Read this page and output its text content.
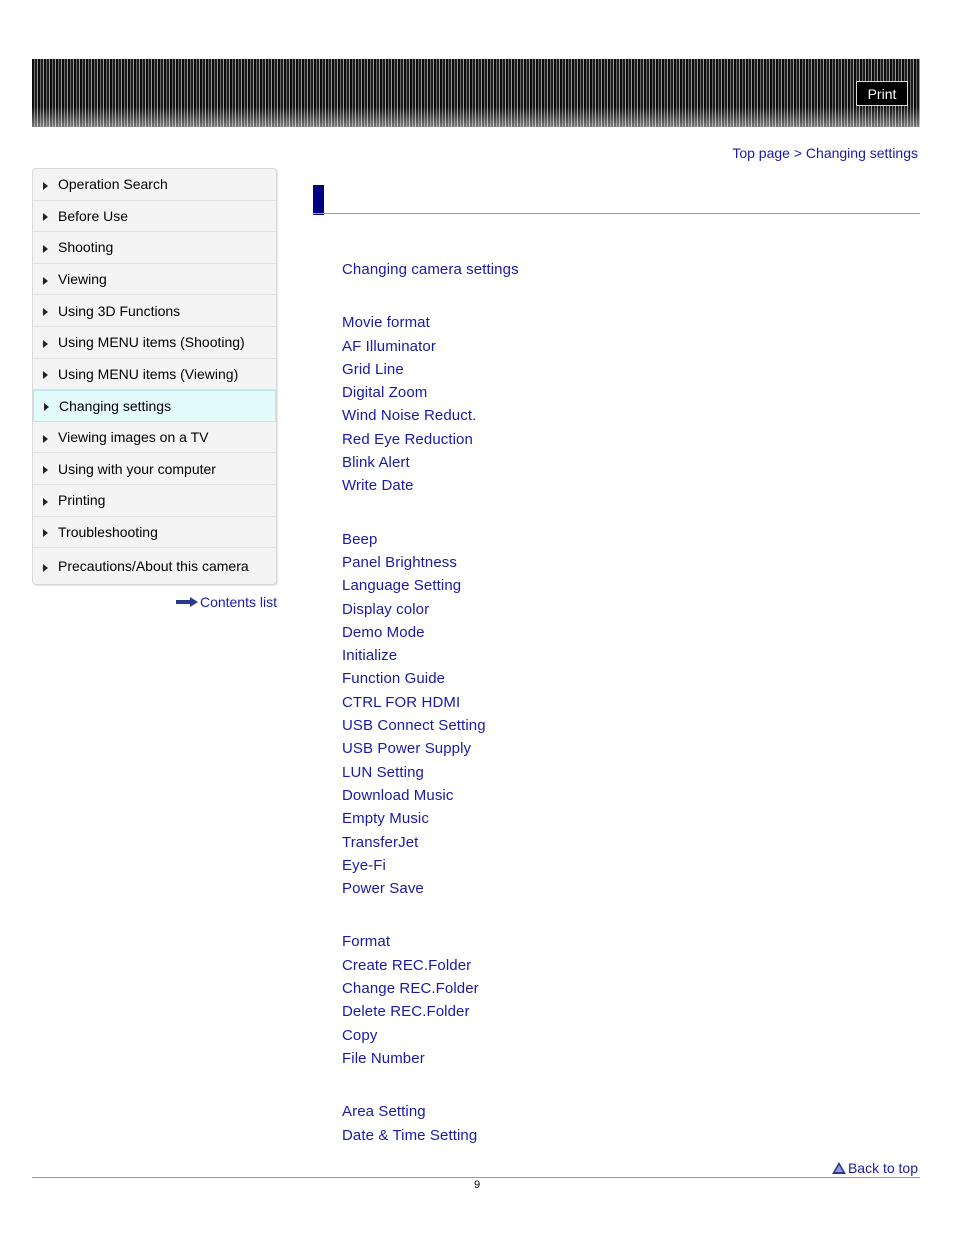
Print
Top page > Changing settings
Operation Search
Before Use
Shooting
Viewing
Using 3D Functions
Using MENU items (Shooting)
Using MENU items (Viewing)
Changing settings
Viewing images on a TV
Using with your computer
Printing
Troubleshooting
Precautions/About this camera
Contents list
Changing camera settings
Movie format
AF Illuminator
Grid Line
Digital Zoom
Wind Noise Reduct.
Red Eye Reduction
Blink Alert
Write Date
Beep
Panel Brightness
Language Setting
Display color
Demo Mode
Initialize
Function Guide
CTRL FOR HDMI
USB Connect Setting
USB Power Supply
LUN Setting
Download Music
Empty Music
TransferJet
Eye-Fi
Power Save
Format
Create REC.Folder
Change REC.Folder
Delete REC.Folder
Copy
File Number
Area Setting
Date & Time Setting
Back to top
9
